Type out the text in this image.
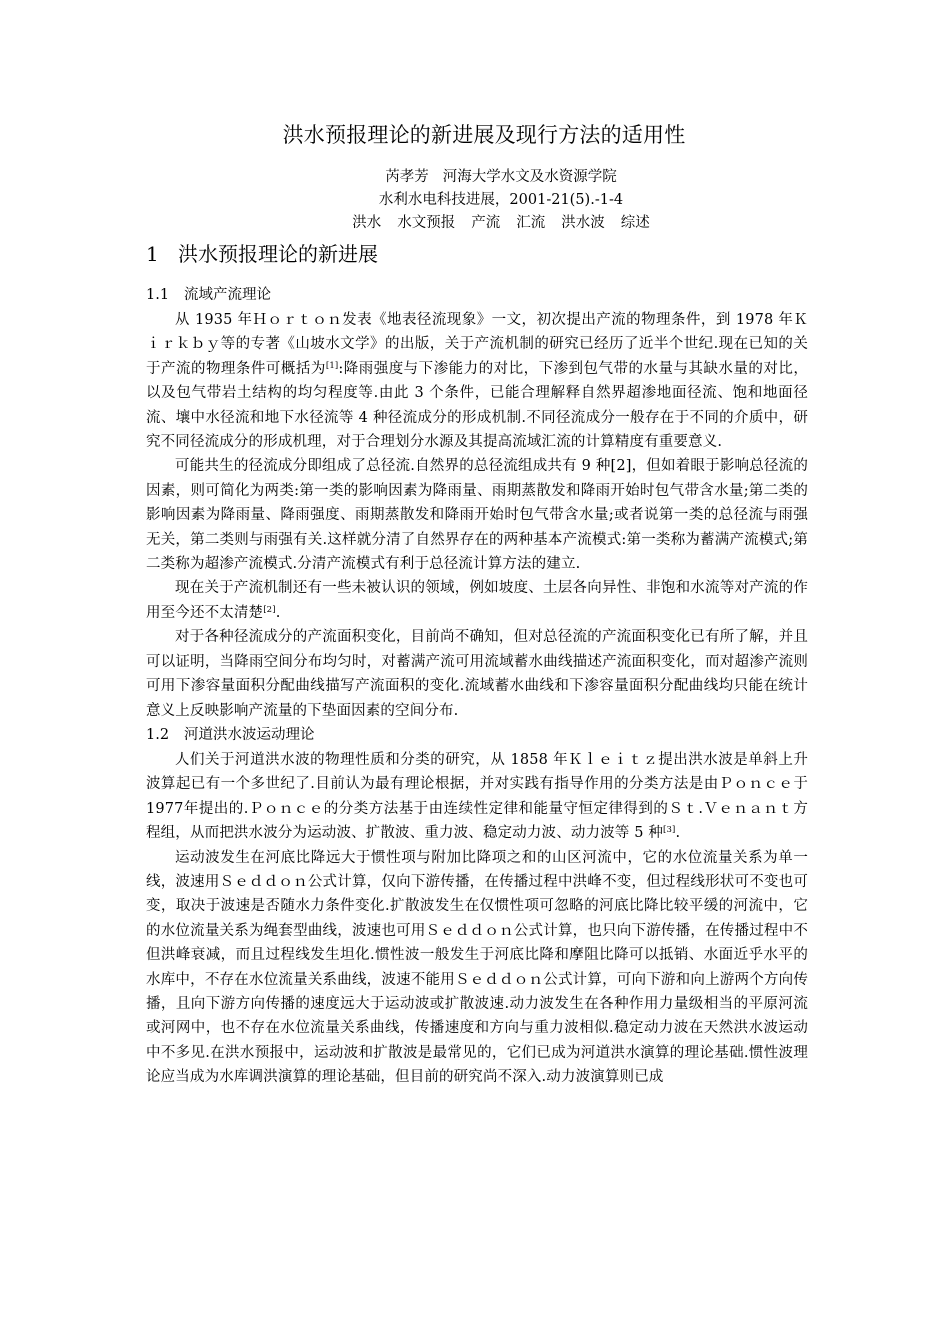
洪水预报理论的新进展及现行方法的适用性
芮孝芳 河海大学水文及水资源学院
水利水电科技进展，2001-21(5).-1-4
洪水 水文预报 产流 汇流 洪水波 综述
1 洪水预报理论的新进展
1.1 流域产流理论

从 1935 年Ｈｏｒｔｏｎ发表《地表径流现象》一文，初次提出产流的物理条件，到 1978 年Ｋｉｒｋｂｙ等的专著《山坡水文学》的出版，关于产流机制的研究已经历了近半个世纪.现在已知的关于产流的物理条件可概括为[1]:降雨强度与下渗能力的对比，下渗到包气带的水量与其缺水量的对比，以及包气带岩土结构的均匀程度等.由此 3 个条件，已能合理解释自然界超渗地面径流、饱和地面径流、壤中水径流和地下水径流等 4 种径流成分的形成机制.不同径流成分一般存在于不同的介质中，研究不同径流成分的形成机理，对于合理划分水源及其提高流域汇流的计算精度有重要意义.

可能共生的径流成分即组成了总径流.自然界的总径流组成共有 9 种[2]，但如着眼于影响总径流的因素，则可简化为两类:第一类的影响因素为降雨量、雨期蒸散发和降雨开始时包气带含水量;第二类的影响因素为降雨量、降雨强度、雨期蒸散发和降雨开始时包气带含水量;或者说第一类的总径流与雨强无关，第二类则与雨强有关.这样就分清了自然界存在的两种基本产流模式:第一类称为蓄满产流模式;第二类称为超渗产流模式.分清产流模式有利于总径流计算方法的建立.

现在关于产流机制还有一些未被认识的领域，例如坡度、土层各向异性、非饱和水流等对产流的作用至今还不太清楚[2].

对于各种径流成分的产流面积变化，目前尚不确知，但对总径流的产流面积变化已有所了解，并且可以证明，当降雨空间分布均匀时，对蓄满产流可用流域蓄水曲线描述产流面积变化，而对超渗产流则可用下渗容量面积分配曲线描写产流面积的变化.流域蓄水曲线和下渗容量面积分配曲线均只能在统计意义上反映影响产流量的下垫面因素的空间分布.

1.2 河道洪水波运动理论

人们关于河道洪水波的物理性质和分类的研究，从 1858 年Ｋｌｅｉｔｚ提出洪水波是单斜上升波算起已有一个多世纪了.目前认为最有理论根据，并对实践有指导作用的分类方法是由Ｐｏｎｃｅ于1977年提出的.Ｐｏｎｃｅ的分类方法基于由连续性定律和能量守恒定律得到的Ｓｔ.Ｖｅｎａｎｔ方程组，从而把洪水波分为运动波、扩散波、重力波、稳定动力波、动力波等 5 种[3].

运动波发生在河底比降远大于惯性项与附加比降项之和的山区河流中，它的水位流量关系为单一线，波速用Ｓｅｄｄｏｎ公式计算，仅向下游传播，在传播过程中洪峰不变，但过程线形状可不变也可变，取决于波速是否随水力条件变化.扩散波发生在仅惯性项可忽略的河底比降比较平缓的河流中，它的水位流量关系为绳套型曲线，波速也可用Ｓｅｄｄｏｎ公式计算，也只向下游传播，在传播过程中不但洪峰衰减，而且过程线发生坦化.惯性波一般发生于河底比降和摩阻比降可以抵销、水面近乎水平的水库中，不存在水位流量关系曲线，波速不能用Ｓｅｄｄｏｎ公式计算，可向下游和向上游两个方向传播，且向下游方向传播的速度远大于运动波或扩散波速.动力波发生在各种作用力量级相当的平原河流或河网中，也不存在水位流量关系曲线，传播速度和方向与重力波相似.稳定动力波在天然洪水波运动中不多见.在洪水预报中，运动波和扩散波是最常见的，它们已成为河道洪水演算的理论基础.惯性波理论应当成为水库调洪演算的理论基础，但目前的研究尚不深入.动力波演算则已成
